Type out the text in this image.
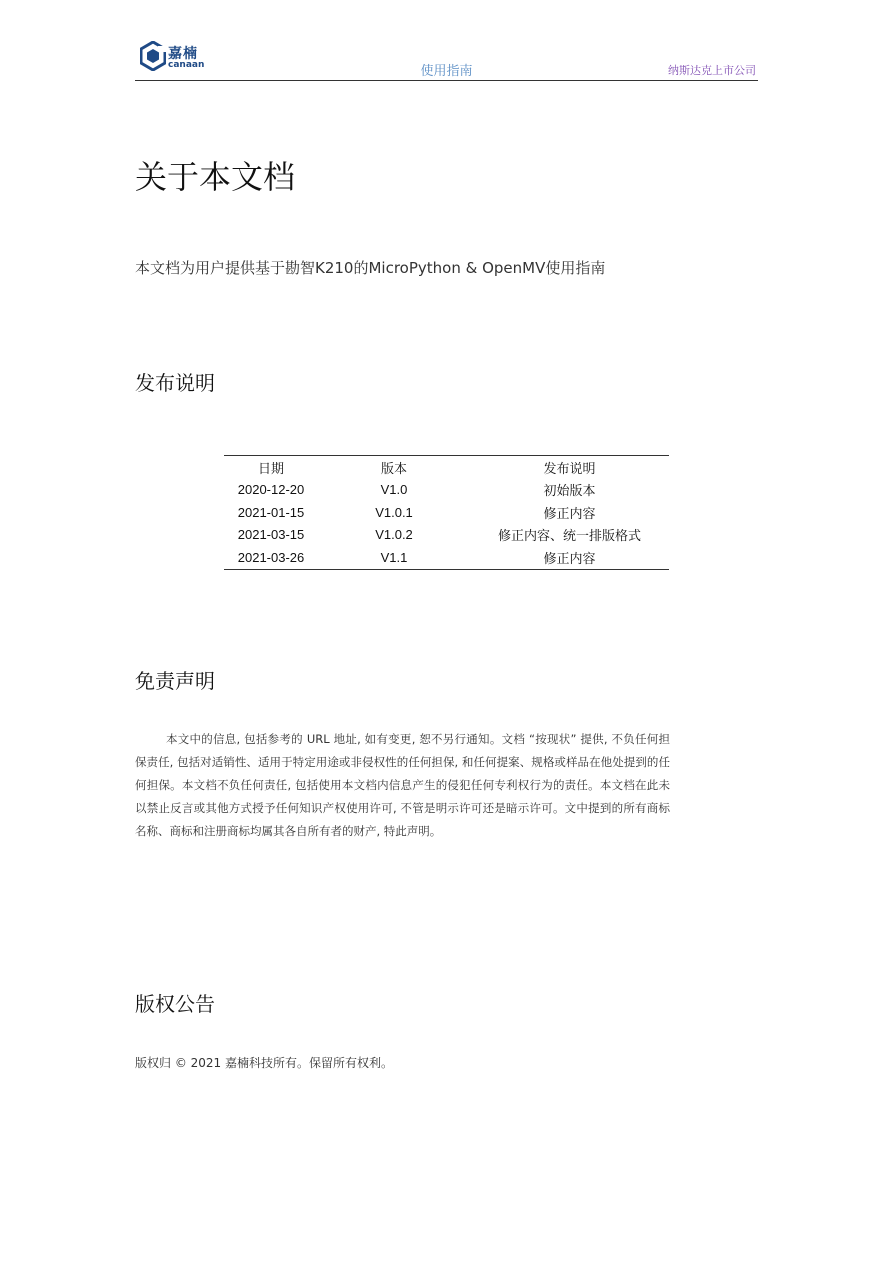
嘉楠
canaan	使用指南	纳斯达克上市公司
关于本文档
本文档为用户提供基于勘智K210的MicroPython & OpenMV使用指南
发布说明
日期	版本	发布说明
2020-12-20	V1.0	初始版本
2021-01-15	V1.0.1	修正内容
2021-03-15	V1.0.2	修正内容、统一排版格式
2021-03-26	V1.1	修正内容
免责声明

本文中的信息, 包括参考的 URL 地址, 如有变更, 恕不另行通知。文档 “按现状” 提供, 不负任何担保责任, 包括对适销性、适用于特定用途或非侵权性的任何担保, 和任何提案、规格或样品在他处提到的任何担保。本文档不负任何责任, 包括使用本文档内信息产生的侵犯任何专利权行为的责任。本文档在此未以禁止反言或其他方式授予任何知识产权使用许可, 不管是明示许可还是暗示许可。文中提到的所有商标名称、商标和注册商标均属其各自所有者的财产, 特此声明。

版权公告
版权归 © 2021 嘉楠科技所有。保留所有权利。
